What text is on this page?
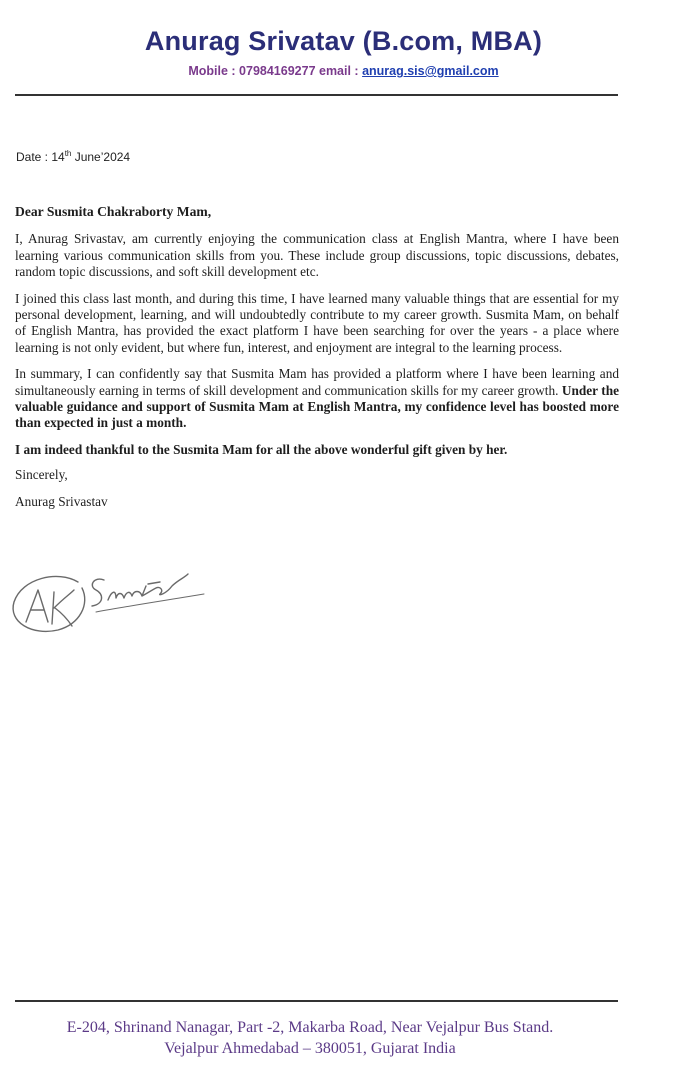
Anurag Srivatav (B.com, MBA)
Mobile : 07984169277 email : anurag.sis@gmail.com
Date : 14th June’2024

Dear Susmita Chakraborty Mam,

I, Anurag Srivastav, am currently enjoying the communication class at English Mantra, where I have been learning various communication skills from you. These include group discussions, topic discussions, debates, random topic discussions, and soft skill development etc.

I joined this class last month, and during this time, I have learned many valuable things that are essential for my personal development, learning, and will undoubtedly contribute to my career growth. Susmita Mam, on behalf of English Mantra, has provided the exact platform I have been searching for over the years - a place where learning is not only evident, but where fun, interest, and enjoyment are integral to the learning process.

In summary, I can confidently say that Susmita Mam has provided a platform where I have been learning and simultaneously earning in terms of skill development and communication skills for my career growth. Under the valuable guidance and support of Susmita Mam at English Mantra, my confidence level has boosted more than expected in just a month.

I am indeed thankful to the Susmita Mam for all the above wonderful gift given by her.

Sincerely,

Anurag Srivastav

E-204, Shrinand Nanagar, Part -2, Makarba Road, Near Vejalpur Bus Stand.
Vejalpur Ahmedabad – 380051, Gujarat India
